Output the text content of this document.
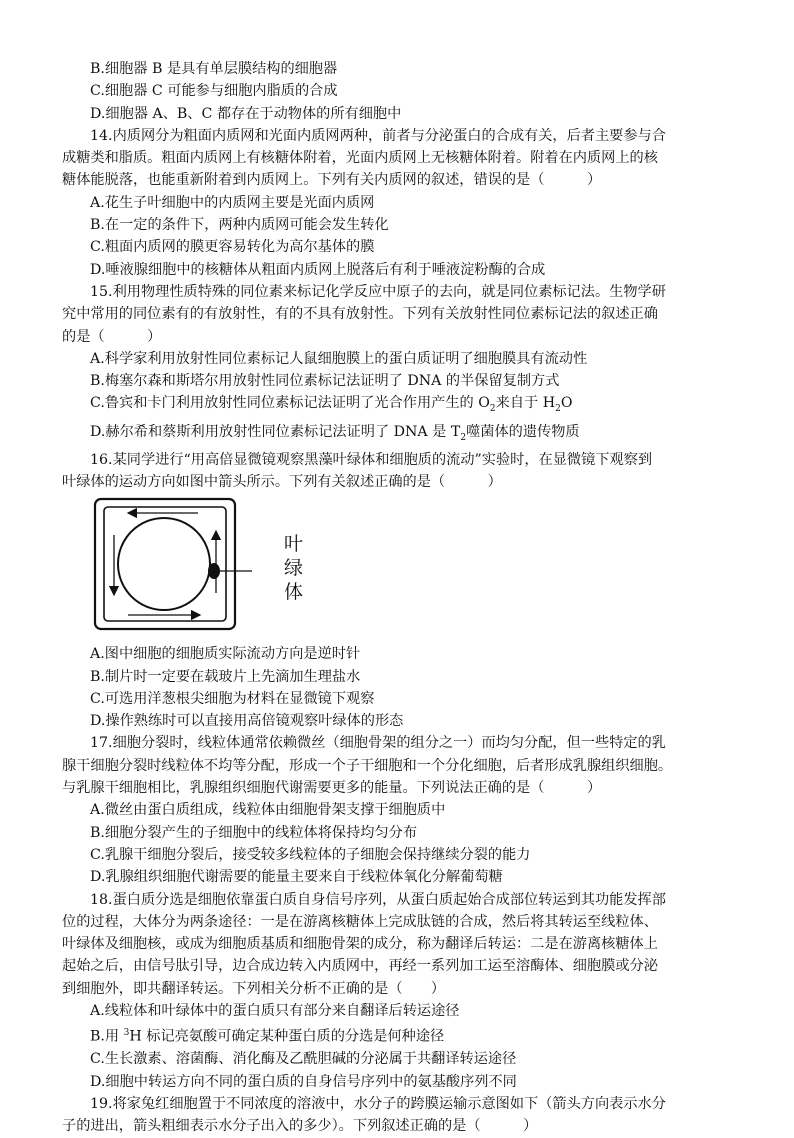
B.细胞器 B 是具有单层膜结构的细胞器
C.细胞器 C 可能参与细胞内脂质的合成
D.细胞器 A、B、C 都存在于动物体的所有细胞中
14.内质网分为粗面内质网和光面内质网两种，前者与分泌蛋白的合成有关，后者主要参与合
成糖类和脂质。粗面内质网上有核糖体附着，光面内质网上无核糖体附着。附着在内质网上的核
糖体能脱落，也能重新附着到内质网上。下列有关内质网的叙述，错误的是（　　　）
A.花生子叶细胞中的内质网主要是光面内质网
B.在一定的条件下，两种内质网可能会发生转化
C.粗面内质网的膜更容易转化为高尔基体的膜
D.唾液腺细胞中的核糖体从粗面内质网上脱落后有利于唾液淀粉酶的合成
15.利用物理性质特殊的同位素来标记化学反应中原子的去向，就是同位素标记法。生物学研
究中常用的同位素有的有放射性，有的不具有放射性。下列有关放射性同位素标记法的叙述正确
的是（　　　）
A.科学家利用放射性同位素标记人鼠细胞膜上的蛋白质证明了细胞膜具有流动性
B.梅塞尔森和斯塔尔用放射性同位素标记法证明了 DNA 的半保留复制方式
C.鲁宾和卡门利用放射性同位素标记法证明了光合作用产生的 $O_2$来自于 $H_2O$
D.赫尔希和蔡斯利用放射性同位素标记法证明了 DNA 是 $T_2$噬菌体的遗传物质
16.某同学进行“用高倍显微镜观察黑藻叶绿体和细胞质的流动”实验时，在显微镜下观察到
叶绿体的运动方向如图中箭头所示。下列有关叙述正确的是（　　　）
叶
绿
体
A.图中细胞的细胞质实际流动方向是逆时针
B.制片时一定要在载玻片上先滴加生理盐水
C.可选用洋葱根尖细胞为材料在显微镜下观察
D.操作熟练时可以直接用高倍镜观察叶绿体的形态
17.细胞分裂时，线粒体通常依赖微丝（细胞骨架的组分之一）而均匀分配，但一些特定的乳
腺干细胞分裂时线粒体不均等分配，形成一个子干细胞和一个分化细胞，后者形成乳腺组织细胞。
与乳腺干细胞相比，乳腺组织细胞代谢需要更多的能量。下列说法正确的是（　　　）
A.微丝由蛋白质组成，线粒体由细胞骨架支撑于细胞质中
B.细胞分裂产生的子细胞中的线粒体将保持均匀分布
C.乳腺干细胞分裂后，接受较多线粒体的子细胞会保持继续分裂的能力
D.乳腺组织细胞代谢需要的能量主要来自于线粒体氧化分解葡萄糖
18.蛋白质分选是细胞依靠蛋白质自身信号序列，从蛋白质起始合成部位转运到其功能发挥部
位的过程，大体分为两条途径：一是在游离核糖体上完成肽链的合成，然后将其转运至线粒体、
叶绿体及细胞核，或成为细胞质基质和细胞骨架的成分，称为翻译后转运：二是在游离核糖体上
起始之后，由信号肽引导，边合成边转入内质网中，再经一系列加工运至溶酶体、细胞膜或分泌
到细胞外，即共翻译转运。下列相关分析不正确的是（　　）
A.线粒体和叶绿体中的蛋白质只有部分来自翻译后转运途径
B.用 $^3$H 标记亮氨酸可确定某种蛋白质的分选是何种途径
C.生长激素、溶菌酶、消化酶及乙酰胆碱的分泌属于共翻译转运途径
D.细胞中转运方向不同的蛋白质的自身信号序列中的氨基酸序列不同
19.将家兔红细胞置于不同浓度的溶液中，水分子的跨膜运输示意图如下（箭头方向表示水分
子的进出，箭头粗细表示水分子出入的多少）。下列叙述正确的是（　　　）
